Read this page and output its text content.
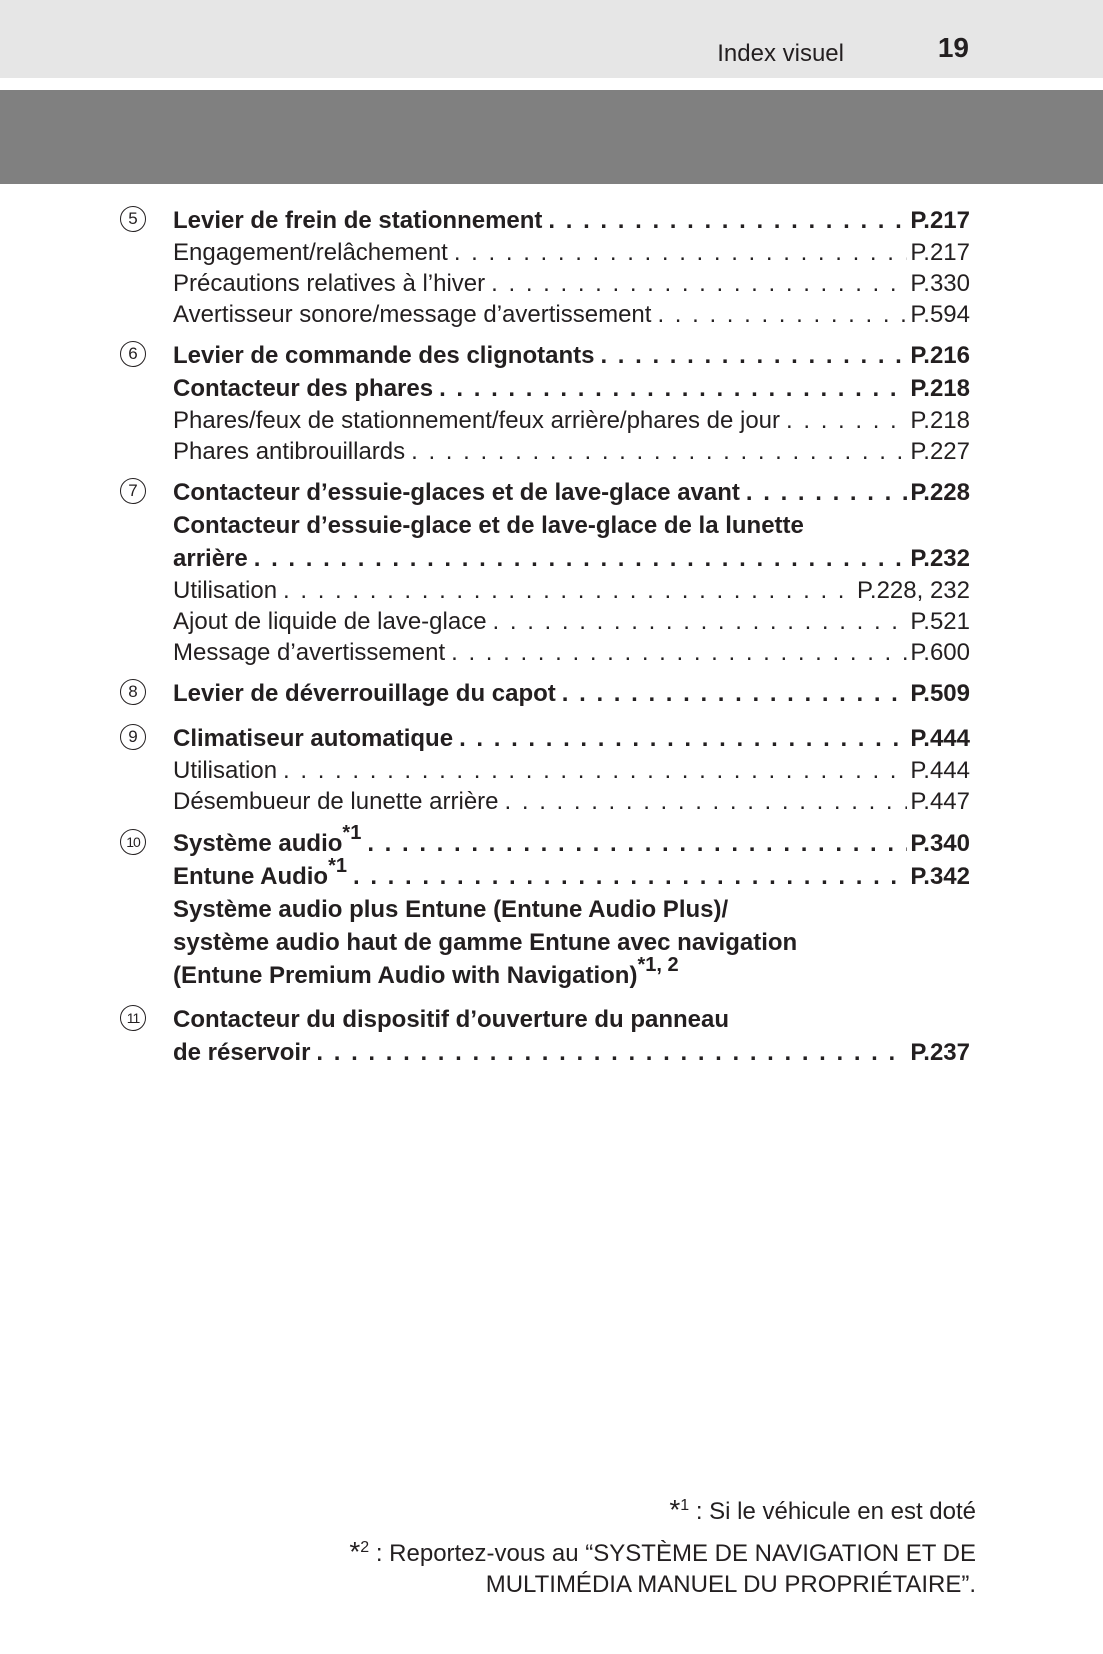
Index visuel	19
5	Levier de frein de stationnement . . .	P.217
Engagement/relâchement . . .	P.217
Précautions relatives à l’hiver . . .	P.330
Avertisseur sonore/message d’avertissement . . .	P.594
6	Levier de commande des clignotants . . .	P.216
Contacteur des phares . . .	P.218
Phares/feux de stationnement/feux arrière/phares de jour . . .	P.218
Phares antibrouillards . . .	P.227
7	Contacteur d’essuie-glaces et de lave-glace avant . . .	P.228
Contacteur d’essuie-glace et de lave-glace de la lunette
arrière . . .	P.232
Utilisation . . .	P.228, 232
Ajout de liquide de lave-glace . . .	P.521
Message d’avertissement . . .	P.600
8	Levier de déverrouillage du capot . . .	P.509
9	Climatiseur automatique . . .	P.444
Utilisation . . .	P.444
Désembueur de lunette arrière . . .	P.447
10 Système audio$^{*1}$ . . .	P.340
Entune Audio$^{*1}$ . . .	P.342
Système audio plus Entune (Entune Audio Plus)/
système audio haut de gamme Entune avec navigation
(Entune Premium Audio with Navigation)$^{*1, 2}$
11 Contacteur du dispositif d’ouverture du panneau
de réservoir . . .	P.237
*$^1$ : Si le véhicule en est doté
*$^2$ : Reportez-vous au “SYSTÈME DE NAVIGATION ET DE
MULTIMÉDIA MANUEL DU PROPRIÉTAIRE”.
